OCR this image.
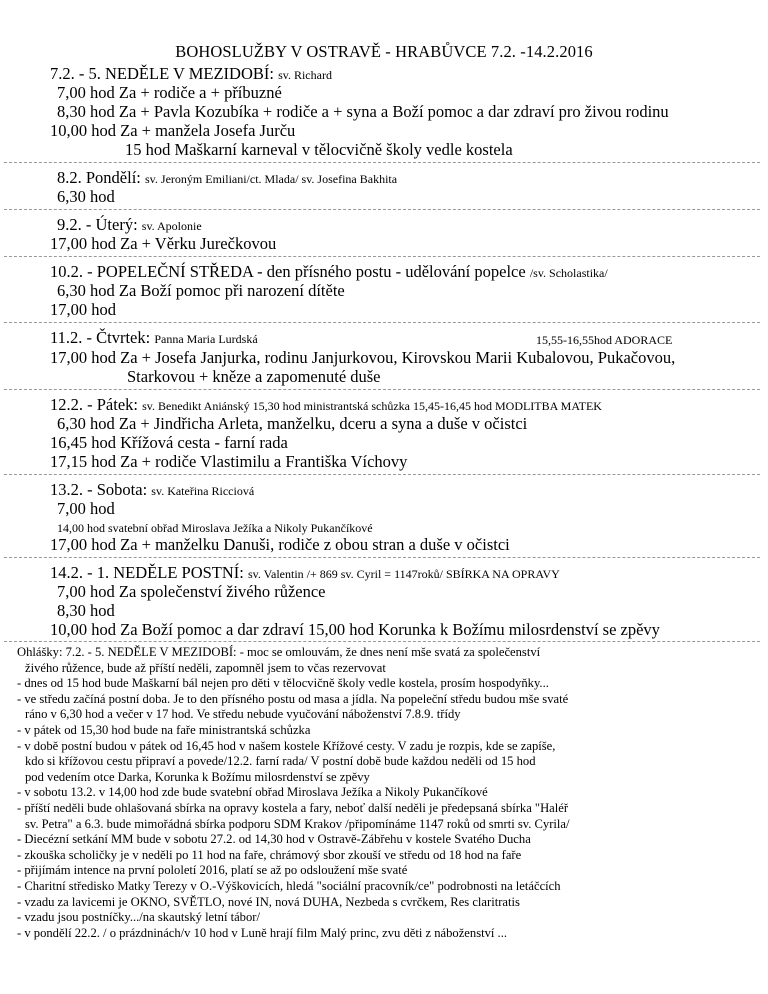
BOHOSLUŽBY V OSTRAVĚ - HRABŮVCE 7.2. -14.2.2016
7.2. - 5. NEDĚLE V MEZIDOBÍ: sv. Richard
7,00 hod Za + rodiče a + příbuzné
8,30 hod Za + Pavla Kozubíka + rodiče a + syna a Boží pomoc a dar zdraví pro živou rodinu
10,00 hod Za + manžela Josefa Jurču
15 hod Maškarní karneval v tělocvičně školy vedle kostela
8.2. Pondělí: sv. Jeroným Emiliani/ct. Mlada/ sv. Josefina Bakhita
6,30 hod
9.2. - Úterý: sv. Apolonie
17,00 hod Za + Věrku Jurečkovou
10.2. - POPELEČNÍ STŘEDA - den přísného postu - udělování popelce /sv. Scholastika/
6,30 hod Za Boží pomoc při narození dítěte
17,00 hod
11.2. - Čtvrtek: Panna Maria Lurdská	15,55-16,55hod ADORACE
17,00 hod Za + Josefa Janjurka, rodinu Janjurkovou, Kirovskou Marii Kubalovou, Pukačovou,
Starkovou + kněze a zapomenuté duše
12.2. - Pátek: sv. Benedikt Aniánský 15,30 hod ministrantská schůzka 15,45-16,45 hod MODLITBA MATEK
6,30 hod Za + Jindřicha Arleta, manželku, dceru a syna a duše v očistci
16,45 hod Křížová cesta - farní rada
17,15 hod Za + rodiče Vlastimilu a Františka Víchovy
13.2. - Sobota: sv. Kateřina Ricciová
7,00 hod
14,00 hod svatební obřad Miroslava Ježíka a Nikoly Pukančíkové
17,00 hod Za + manželku Danuši, rodiče z obou stran a duše v očistci
14.2. - 1. NEDĚLE POSTNÍ: sv. Valentin /+ 869 sv. Cyril = 1147roků/ SBÍRKA NA OPRAVY
7,00 hod Za společenství živého růžence
8,30 hod
10,00 hod Za Boží pomoc a dar zdraví 15,00 hod Korunka k Božímu milosrdenství se zpěvy
Ohlášky: 7.2. - 5. NEDĚLE V MEZIDOBÍ: - moc se omlouvám, že dnes není mše svatá za společenství
živého růžence, bude až příští neděli, zapomněl jsem to včas rezervovat
- dnes od 15 hod bude Maškarní bál nejen pro děti v tělocvičně školy vedle kostela, prosím hospodyňky...
- ve středu začíná postní doba. Je to den přísného postu od masa a jídla. Na popeleční středu budou mše svaté
ráno v 6,30 hod a večer v 17 hod. Ve středu nebude vyučování náboženství 7.8.9. třídy
- v pátek od 15,30 hod bude na faře ministrantská schůzka
- v době postní budou v pátek od 16,45 hod v našem kostele Křížové cesty. V zadu je rozpis, kde se zapíše,
kdo si křížovou cestu připraví a povede/12.2. farní rada/ V postní době bude každou neděli od 15 hod
pod vedením otce Darka, Korunka k Božímu milosrdenství se zpěvy
- v sobotu 13.2. v 14,00 hod zde bude svatební obřad Miroslava Ježíka a Nikoly Pukančíkové
- příští neděli bude ohlašovaná sbírka na opravy kostela a fary, neboť další neděli je předepsaná sbírka "Haléř
sv. Petra" a 6.3. bude mimořádná sbírka podporu SDM Krakov /připomínáme 1147 roků od smrti sv. Cyrila/
- Diecézní setkání MM bude v sobotu 27.2. od 14,30 hod v Ostravě-Zábřehu v kostele Svatého Ducha
- zkouška scholičky je v neděli po 11 hod na faře, chrámový sbor zkouší ve středu od 18 hod na faře
- přijímám intence na první pololetí 2016, platí se až po odsloužení mše svaté
- Charitní středisko Matky Terezy v O.-Výškovicích, hledá "sociální pracovník/ce" podrobnosti na letáčcích
- vzadu za lavicemi je OKNO, SVĚTLO, nové IN, nová DUHA, Nezbeda s cvrčkem, Res claritratis
- vzadu jsou postníčky.../na skautský letní tábor/
- v pondělí 22.2. / o prázdninách/v 10 hod v Luně hrají film Malý princ, zvu děti z náboženství ...
